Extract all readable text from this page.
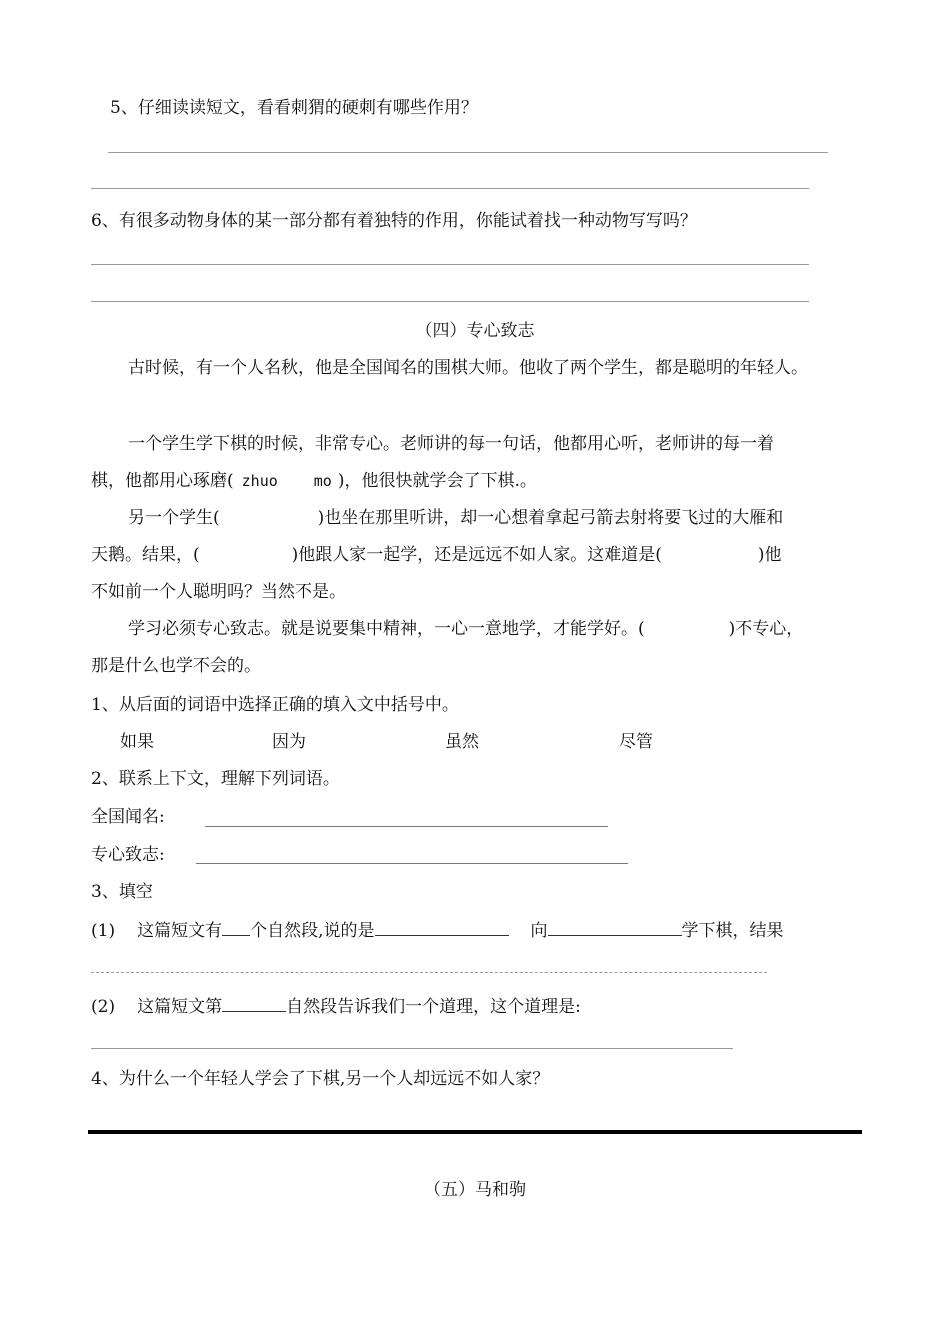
5、仔细读读短文，看看刺猬的硬刺有哪些作用？
6、有很多动物身体的某一部分都有着独特的作用，你能试着找一种动物写写吗？
（四）专心致志
古时候，有一个人名秋，他是全国闻名的围棋大师。他收了两个学生，都是聪明的年轻人。
一个学生学下棋的时候，非常专心。老师讲的每一句话，他都用心听，老师讲的每一着
棋，他都用心琢磨( zhuo mo )，他很快就学会了下棋.。
另一个学生(	)也坐在那里听讲，却一心想着拿起弓箭去射将要飞过的大雁和
天鹅。结果，(	)他跟人家一起学，还是远远不如人家。这难道是(	)他
不如前一个人聪明吗？当然不是。
学习必须专心致志。就是说要集中精神，一心一意地学，才能学好。(	)不专心，
那是什么也学不会的。
1、从后面的词语中选择正确的填入文中括号中。
如果	因为	虽然	尽管
2、联系上下文，理解下列词语。
全国闻名:
专心致志:
3、填空
(1) 这篇短文有 个自然段,说的是	向	学下棋，结果
(2) 这篇短文第	自然段告诉我们一个道理，这个道理是:
4、为什么一个年轻人学会了下棋,另一个人却远远不如人家？
（五）马和驹
